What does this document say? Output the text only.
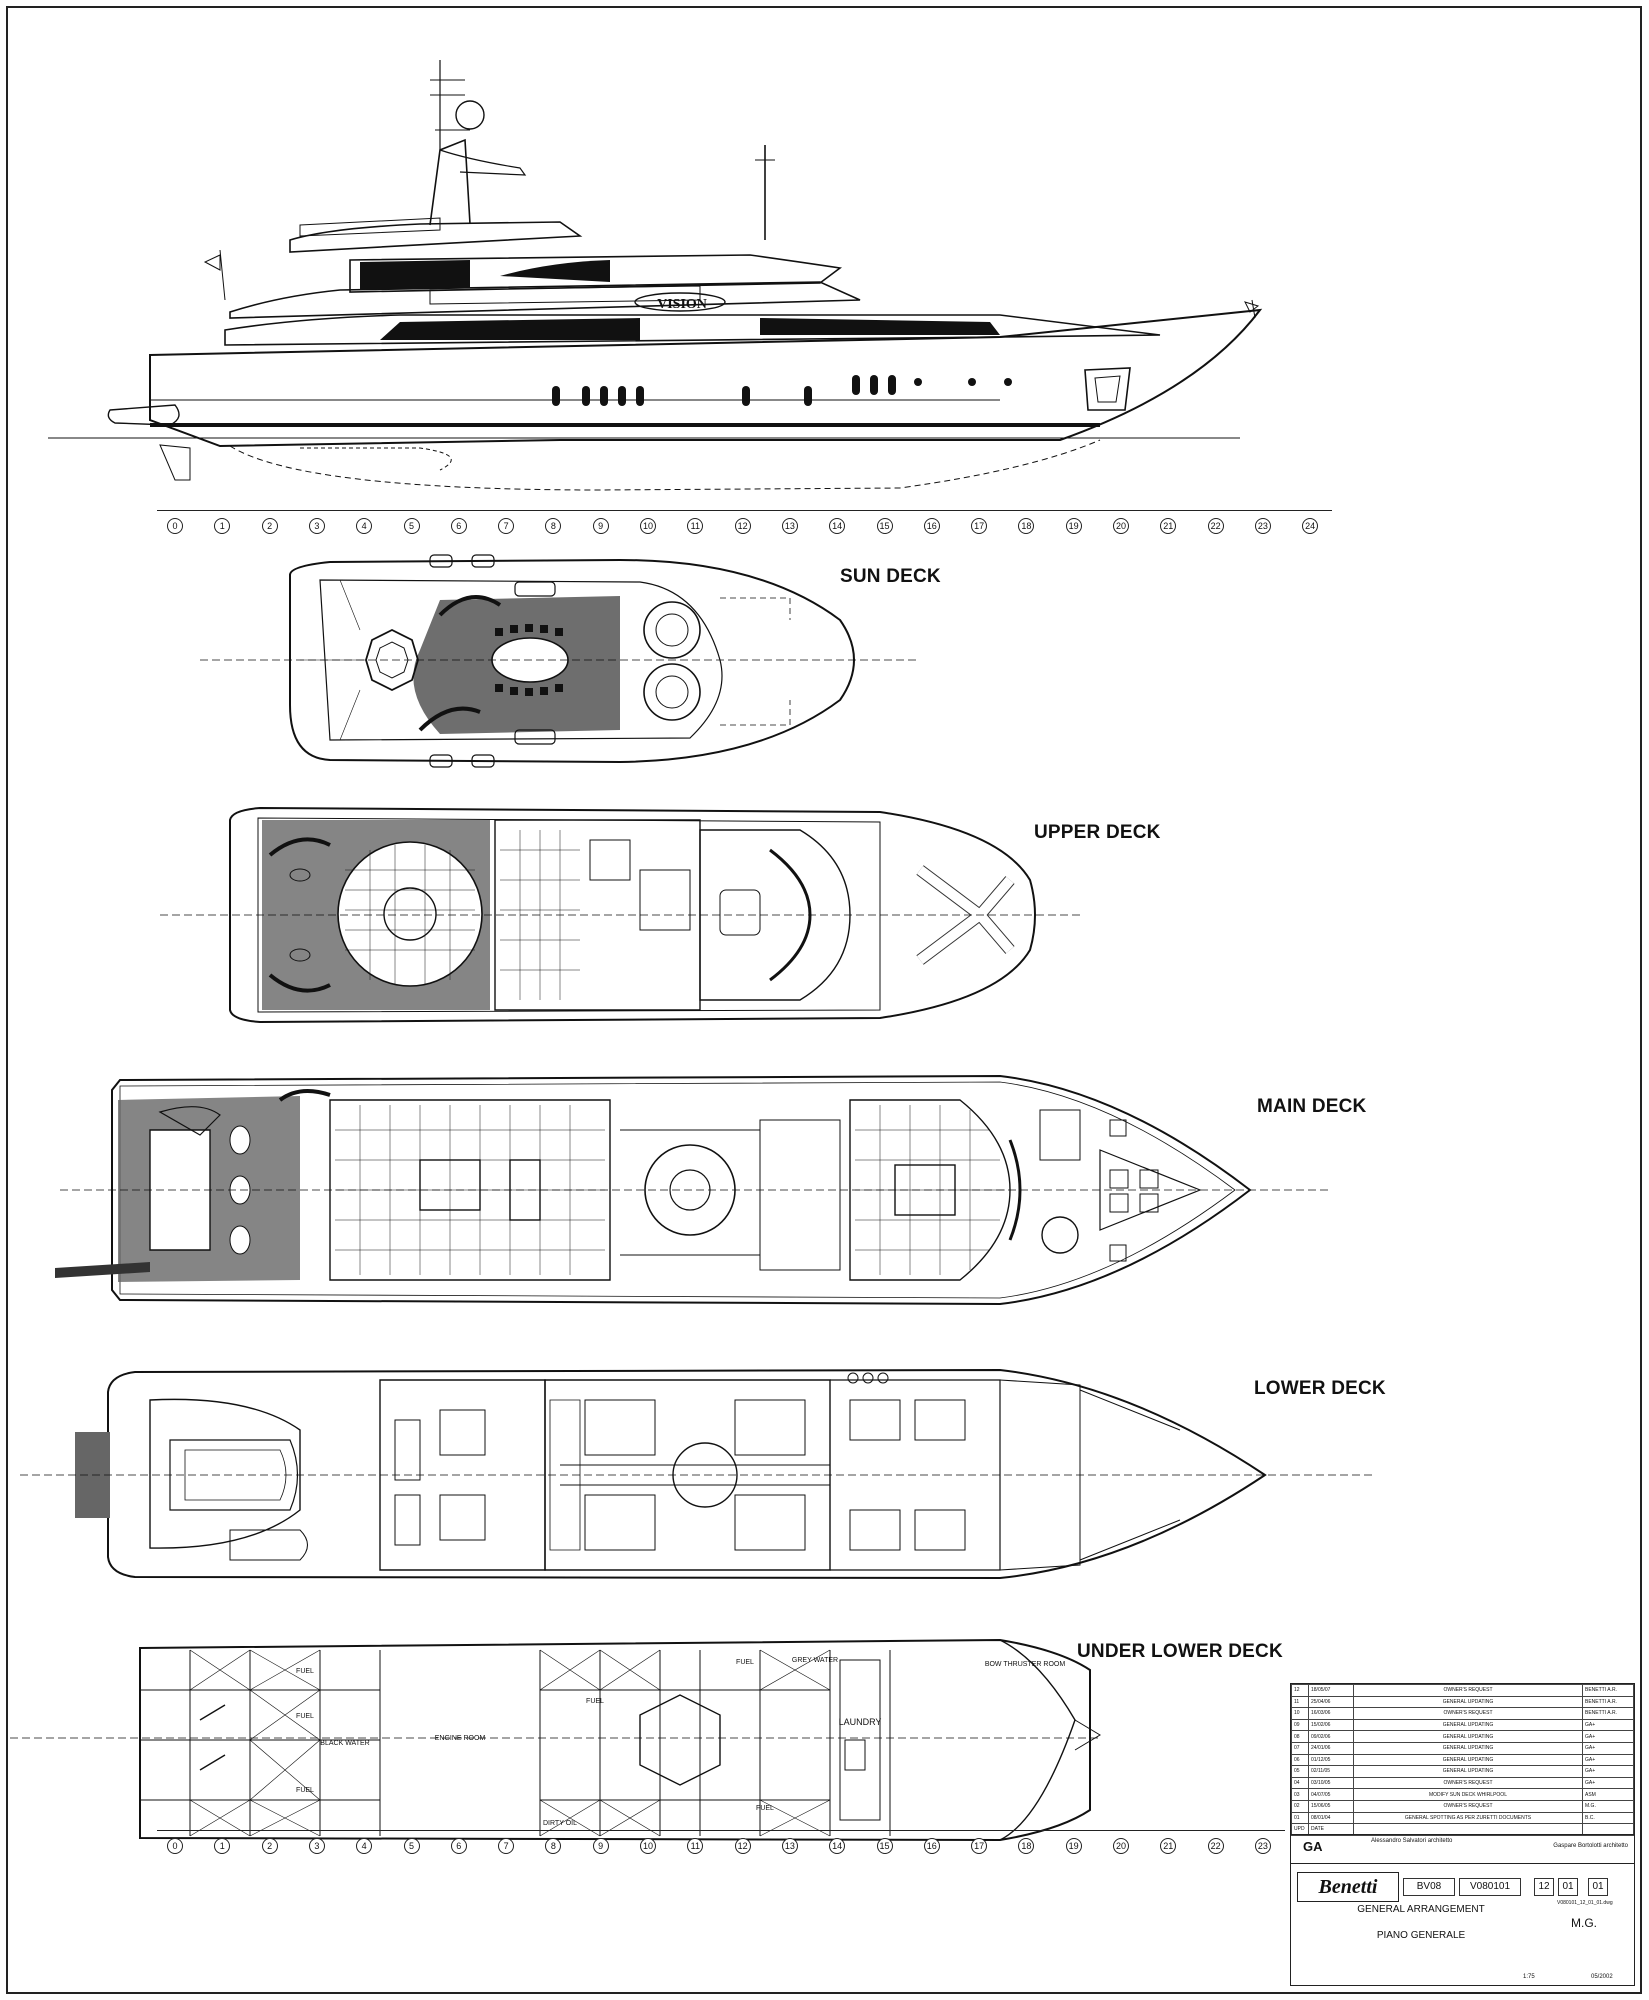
VISION
ENGINE ROOM
FUEL
FUEL
FUEL
FUEL
FUEL
FUEL
BLACK WATER
GREY WATER
DIRTY OIL
BOW THRUSTER ROOM
LAUNDRY
SUN DECK
UPPER DECK
MAIN DECK
LOWER DECK
UNDER LOWER DECK
0	1	2	3	4	5	6	7	8	9	10	11	12	13	14	15	16	17	18	19	20	21	22	23	24
0	1	2	3	4	5	6	7	8	9	10	11	12	13	14	15	16	17	18	19	20	21	22	23
12	18/05/07	OWNER'S REQUEST	BENETTI A.R.
11	25/04/06	GENERAL UPDATING	BENETTI A.R.
10	16/03/06	OWNER'S REQUEST	BENETTI A.R.
09	15/02/06	GENERAL UPDATING	GA+
08	09/02/06	GENERAL UPDATING	GA+
07	24/01/06	GENERAL UPDATING	GA+
06	01/12/05	GENERAL UPDATING	GA+
05	02/11/05	GENERAL UPDATING	GA+
04	03/10/05	OWNER'S REQUEST	GA+
03	04/07/05	MODIFY SUN DECK WHIRLPOOL	ASM
02	15/06/05	OWNER'S REQUEST	M.G.
01	08/01/04	GENERAL SPOTTING AS PER ZURETTI DOCUMENTS	B.C.
UPD	DATE		
GA	Alessandro Salvatori architetto
Gaspare Bortolotti architetto
Benetti	BV08	V080101	12	01	01
V080101_12_01_01.dwg
GENERAL ARRANGEMENT
PIANO GENERALE
M.G.
1:75	05/2002
